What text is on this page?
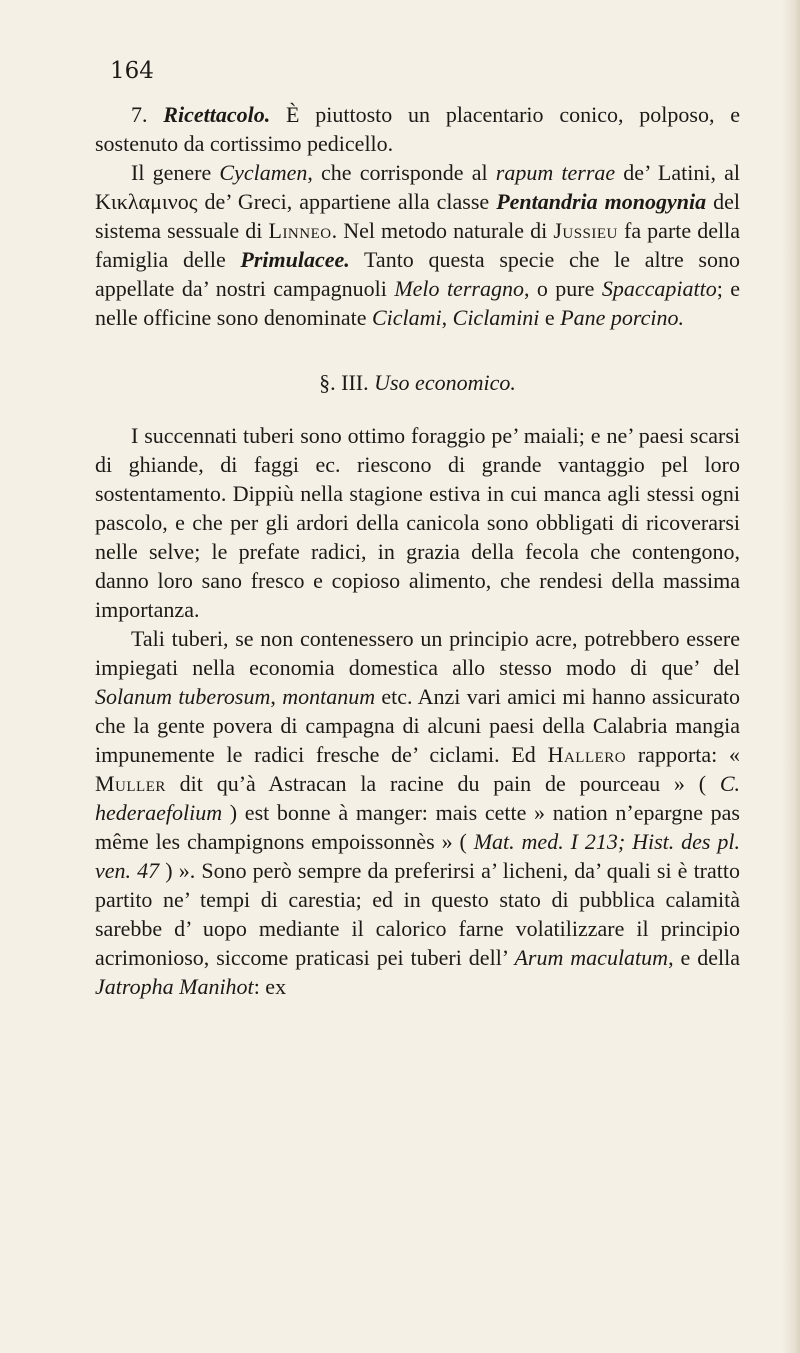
164

7. Ricettacolo. È piuttosto un placentario conico, polposo, e sostenuto da cortissimo pedicello.

Il genere Cyclamen, che corrisponde al rapum terrae de’ Latini, al Κικλαμινος de’ Greci, appartiene alla classe Pentandria monogynia del sistema sessuale di Linneo. Nel metodo naturale di Jussieu fa parte della famiglia delle Primulacee. Tanto questa specie che le altre sono appellate da’ nostri campagnuoli Melo terragno, o pure Spaccapiatto; e nelle officine sono denominate Ciclami, Ciclamini e Pane porcino.

§. III. Uso economico.

I succennati tuberi sono ottimo foraggio pe’ maiali; e ne’ paesi scarsi di ghiande, di faggi ec. riescono di grande vantaggio pel loro sostentamento. Dippiù nella stagione estiva in cui manca agli stessi ogni pascolo, e che per gli ardori della canicola sono obbligati di ricoverarsi nelle selve; le prefate radici, in grazia della fecola che contengono, danno loro sano fresco e copioso alimento, che rendesi della massima importanza.

Tali tuberi, se non contenessero un principio acre, potrebbero essere impiegati nella economia domestica allo stesso modo di que’ del Solanum tuberosum, montanum etc. Anzi vari amici mi hanno assicurato che la gente povera di campagna di alcuni paesi della Calabria mangia impunemente le radici fresche de’ ciclami. Ed Hallero rapporta: « Muller dit qu’à Astracan la racine du pain de pourceau » ( C. hederaefolium ) est bonne à manger: mais cette » nation n’epargne pas même les champignons empoissonnès » ( Mat. med. I 213; Hist. des pl. ven. 47 ) ». Sono però sempre da preferirsi a’ licheni, da’ quali si è tratto partito ne’ tempi di carestia; ed in questo stato di pubblica calamità sarebbe d’ uopo mediante il calorico farne volatilizzare il principio acrimonioso, siccome praticasi pei tuberi dell’ Arum maculatum, e della Jatropha Manihot: ex
